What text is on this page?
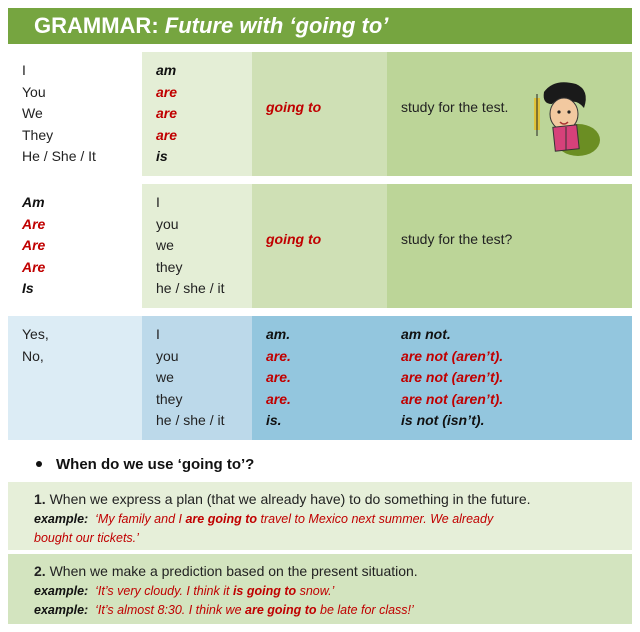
GRAMMAR: Future with ‘going to’
I
You
We
They
He / She / It
am
are
are
are
is
going to	study for the test.
Am
Are
Are
Are
Is
I
you
we
they
he / she / it
going to	study for the test?
Yes,
No,
I
you
we
they
he / she / it
am.
are.
are.
are.
is.
am not.
are not (aren’t).
are not (aren’t).
are not (aren’t).
is not (isn’t).
When do we use ‘going to’?
1. When we express a plan (that we already have) to do something in the future.
example: ‘My family and I are going to travel to Mexico next summer. We already
bought our tickets.’
2. When we make a prediction based on the present situation.
example: ‘It’s very cloudy. I think it is going to snow.’
example: ‘It’s almost 8:30. I think we are going to be late for class!’
